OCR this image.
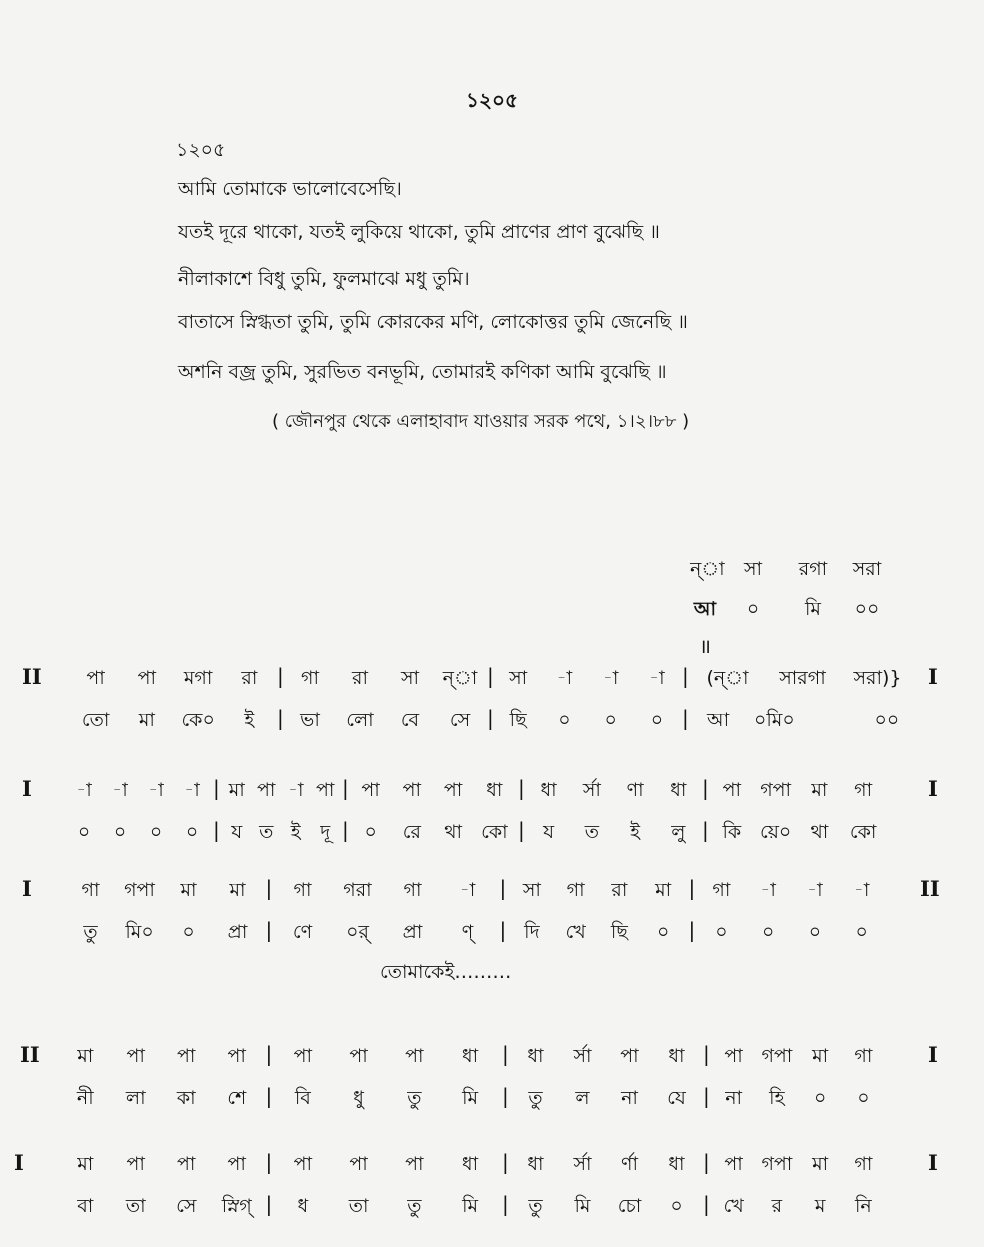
১২০৫
১২০৫
আমি তোমাকে ভালোবেসেছি।
যতই দূরে থাকো, যতই লুকিয়ে থাকো, তুমি প্রাণের প্রাণ বুঝেছি ॥
নীলাকাশে বিধু তুমি, ফুলমাঝে মধু তুমি।
বাতাসে স্নিগ্ধতা তুমি, তুমি কোরকের মণি, লোকোত্তর তুমি জেনেছি ॥
অশনি বজ্র তুমি, সুরভিত বনভূমি, তোমারই কণিকা আমি বুঝেছি ॥
( জৌনপুর থেকে এলাহাবাদ যাওয়ার সরক পথে, ১।২।৮৮ )
ন্া	সা	রগা	সরা
আ	০	মি	০০
॥
II	I
পা	পা	মগা	রা | গা	রা	সা	ন্া | সা	-া	-া	-া | (ন্া	সারগা	সরা)}
তো	মা	কে০	ই	| ভা	লো	বে	সে | ছি	০	০	০ | আ	০মি০	০০
I	I
-া	-া	-া	-া | মা পা -া পা | পা	পা	পা	ধা | ধা	র্সা	ণা	ধা | পা	গপা	মা	গা
০	০	০	০ | য ত ই	দূ | ০	রে	থা	কো | য	ত	ই	লু | কি য়ে০	থা	কো
I	II
গা	গপা	মা	মা |	গা	গরা	গা	-া	| সা	গা	রা	মা | গা	-া	-া	-া
তু	মি০	০	প্রা |	ণে	০র্	প্রা	ণ্	| দি	খে	ছি	০ |	০	০	০	০
II	I
মা	পা	পা	পা |	পা	পা	পা	ধা	| ধা	র্সা	পা	ধা | পা গপা	মা	গা
নী	লা	কা	শে |	বি	ধু	তু	মি	|	তু	ল	না	যে | না	হি	০	০
I	I
মা	পা	পা	পা |	পা	পা	পা	ধা	| ধা	র্সা	র্ণা	ধা | পা গপা	মা	গা
বা	তা	সে	স্নিগ্ |	ধ	তা	তু	মি	|	তু	মি	চো	০	| খে	র	ম	নি
তোমাকেই………
